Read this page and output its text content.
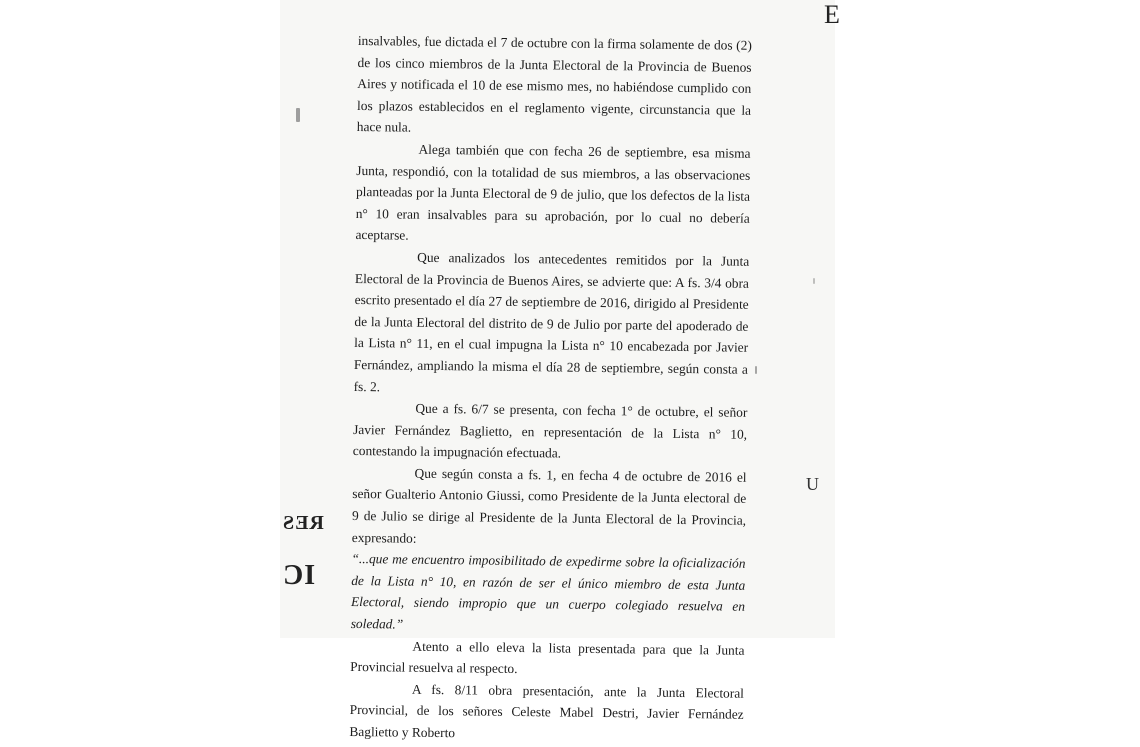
E
U
RES
IC

insalvables, fue dictada el 7 de octubre con la firma solamente de dos (2) de los cinco miembros de la Junta Electoral de la Provincia de Buenos Aires y notificada el 10 de ese mismo mes, no habiéndose cumplido con los plazos establecidos en el reglamento vigente, circunstancia que la hace nula.

Alega también que con fecha 26 de septiembre, esa misma Junta, respondió, con la totalidad de sus miembros, a las observaciones planteadas por la Junta Electoral de 9 de julio, que los defectos de la lista n° 10 eran insalvables para su aprobación, por lo cual no debería aceptarse.

Que analizados los antecedentes remitidos por la Junta Electoral de la Provincia de Buenos Aires, se advierte que: A fs. 3/4 obra escrito presentado el día 27 de septiembre de 2016, dirigido al Presidente de la Junta Electoral del distrito de 9 de Julio por parte del apoderado de la Lista n° 11, en el cual impugna la Lista n° 10 encabezada por Javier Fernández, ampliando la misma el día 28 de septiembre, según consta a fs. 2.

Que a fs. 6/7 se presenta, con fecha 1° de octubre, el señor Javier Fernández Baglietto, en representación de la Lista n° 10, contestando la impugnación efectuada.

Que según consta a fs. 1, en fecha 4 de octubre de 2016 el señor Gualterio Antonio Giussi, como Presidente de la Junta electoral de 9 de Julio se dirige al Presidente de la Junta Electoral de la Provincia, expresando:

“...que me encuentro imposibilitado de expedirme sobre la oficialización de la Lista n° 10, en razón de ser el único miembro de esta Junta Electoral, siendo impropio que un cuerpo colegiado resuelva en soledad.”

Atento a ello eleva la lista presentada para que la Junta Provincial resuelva al respecto.

A fs. 8/11 obra presentación, ante la Junta Electoral Provincial, de los señores Celeste Mabel Destri, Javier Fernández Baglietto y Roberto
